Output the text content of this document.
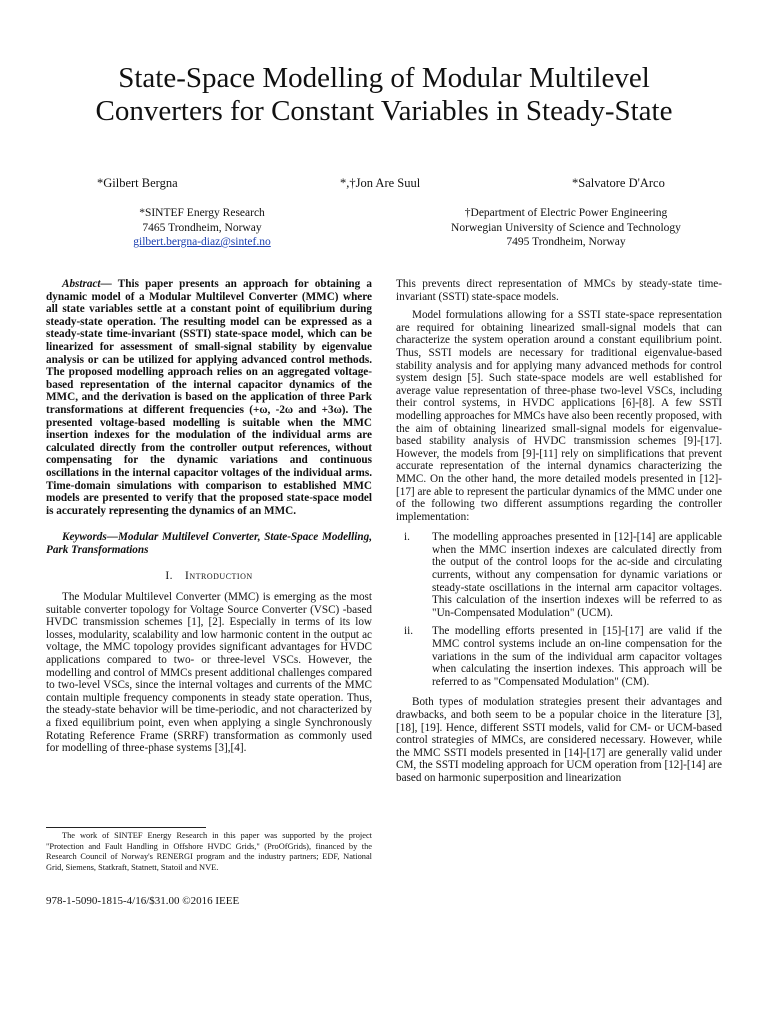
State-Space Modelling of Modular Multilevel
Converters for Constant Variables in Steady-State
*Gilbert Bergna	*,†Jon Are Suul	*Salvatore D'Arco
*SINTEF Energy Research
7465 Trondheim, Norway
gilbert.bergna-diaz@sintef.no
†Department of Electric Power Engineering
Norwegian University of Science and Technology
7495 Trondheim, Norway

Abstract— This paper presents an approach for obtaining a dynamic model of a Modular Multilevel Converter (MMC) where all state variables settle at a constant point of equilibrium during steady-state operation. The resulting model can be expressed as a steady-state time-invariant (SSTI) state-space model, which can be linearized for assessment of small-signal stability by eigenvalue analysis or can be utilized for applying advanced control methods. The proposed modelling approach relies on an aggregated voltage-based representation of the internal capacitor dynamics of the MMC, and the derivation is based on the application of three Park transformations at different frequencies (+ω, -2ω and +3ω). The presented voltage-based modelling is suitable when the MMC insertion indexes for the modulation of the individual arms are calculated directly from the controller output references, without compensating for the dynamic variations and continuous oscillations in the internal capacitor voltages of the individual arms. Time-domain simulations with comparison to established MMC models are presented to verify that the proposed state-space model is accurately representing the dynamics of an MMC.

Keywords—Modular Multilevel Converter, State-Space Modelling, Park Transformations

I. Introduction

The Modular Multilevel Converter (MMC) is emerging as the most suitable converter topology for Voltage Source Converter (VSC) -based HVDC transmission schemes [1], [2]. Especially in terms of its low losses, modularity, scalability and low harmonic content in the output ac voltage, the MMC topology provides significant advantages for HVDC applications compared to two- or three-level VSCs. However, the modelling and control of MMCs present additional challenges compared to two-level VSCs, since the internal voltages and currents of the MMC contain multiple frequency components in steady state operation. Thus, the steady-state behavior will be time-periodic, and not characterized by a fixed equilibrium point, even when applying a single Synchronously Rotating Reference Frame (SRRF) transformation as commonly used for modelling of three-phase systems [3],[4].

The work of SINTEF Energy Research in this paper was supported by the project "Protection and Fault Handling in Offshore HVDC Grids," (ProOfGrids), financed by the Research Council of Norway's RENERGI program and the industry partners; EDF, National Grid, Siemens, Statkraft, Statnett, Statoil and NVE.
978-1-5090-1815-4/16/$31.00 ©2016 IEEE

This prevents direct representation of MMCs by steady-state time-invariant (SSTI) state-space models.

Model formulations allowing for a SSTI state-space representation are required for obtaining linearized small-signal models that can characterize the system operation around a constant equilibrium point. Thus, SSTI models are necessary for traditional eigenvalue-based stability analysis and for applying many advanced methods for control system design [5]. Such state-space models are well established for average value representation of three-phase two-level VSCs, including their control systems, in HVDC applications [6]-[8]. A few SSTI modelling approaches for MMCs have also been recently proposed, with the aim of obtaining linearized small-signal models for eigenvalue-based stability analysis of HVDC transmission schemes [9]-[17]. However, the models from [9]-[11] rely on simplifications that prevent accurate representation of the internal dynamics characterizing the MMC. On the other hand, the more detailed models presented in [12]-[17] are able to represent the particular dynamics of the MMC under one of the following two different assumptions regarding the controller implementation:

i. The modelling approaches presented in [12]-[14] are applicable when the MMC insertion indexes are calculated directly from the output of the control loops for the ac-side and circulating currents, without any compensation for dynamic variations or steady-state oscillations in the internal arm capacitor voltages. This calculation of the insertion indexes will be referred to as "Un-Compensated Modulation" (UCM).
ii. The modelling efforts presented in [15]-[17] are valid if the MMC control systems include an on-line compensation for the variations in the sum of the individual arm capacitor voltages when calculating the insertion indexes. This approach will be referred to as "Compensated Modulation" (CM).

Both types of modulation strategies present their advantages and drawbacks, and both seem to be a popular choice in the literature [3], [18], [19]. Hence, different SSTI models, valid for CM- or UCM-based control strategies of MMCs, are considered necessary. However, while the MMC SSTI models presented in [14]-[17] are generally valid under CM, the SSTI modeling approach for UCM operation from [12]-[14] are based on harmonic superposition and linearization
